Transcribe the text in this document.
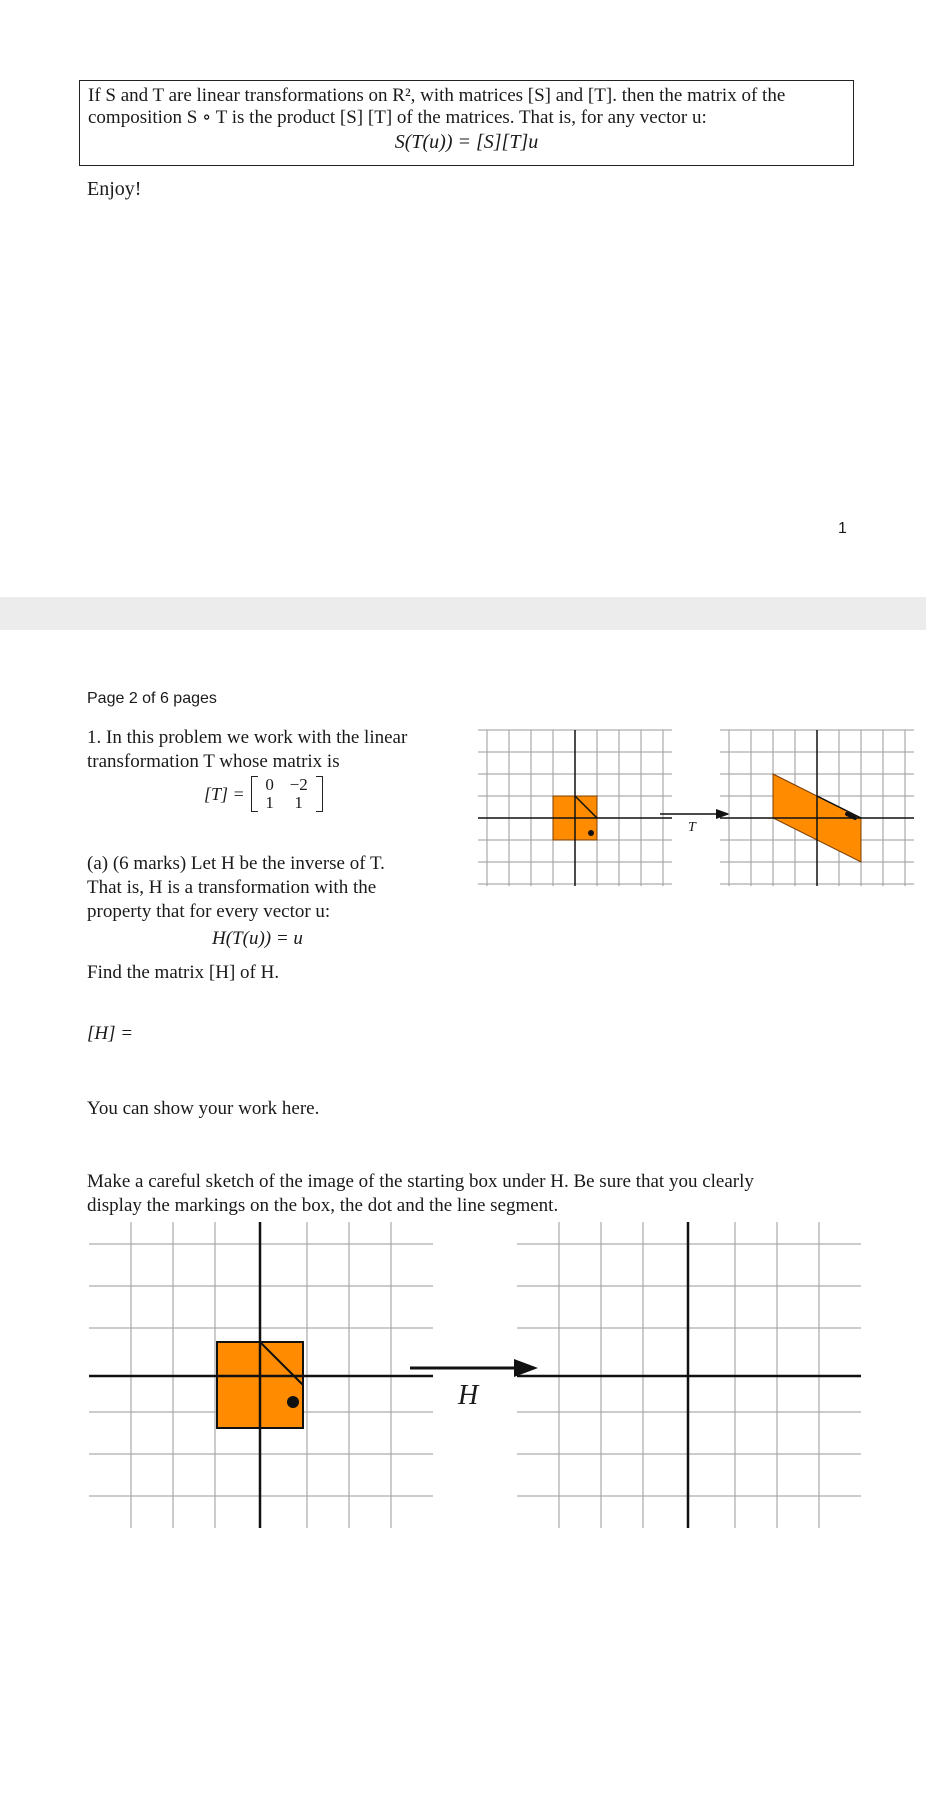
If S and T are linear transformations on R², with matrices [S] and [T]. then the matrix of the
composition S ∘ T is the product [S] [T] of the matrices. That is, for any vector u:
S(T(u)) = [S][T]u
Enjoy!
1
Page 2 of 6 pages
1. In this problem we work with the linear
transformation T whose matrix is
[T] =	0 −2
1	1
(a) (6 marks) Let H be the inverse of T.
That is, H is a transformation with the
property that for every vector u:
H(T(u)) = u
Find the matrix [H] of H.
[H] =
You can show your work here.
T
Make a careful sketch of the image of the starting box under H. Be sure that you clearly
display the markings on the box, the dot and the line segment.
H
